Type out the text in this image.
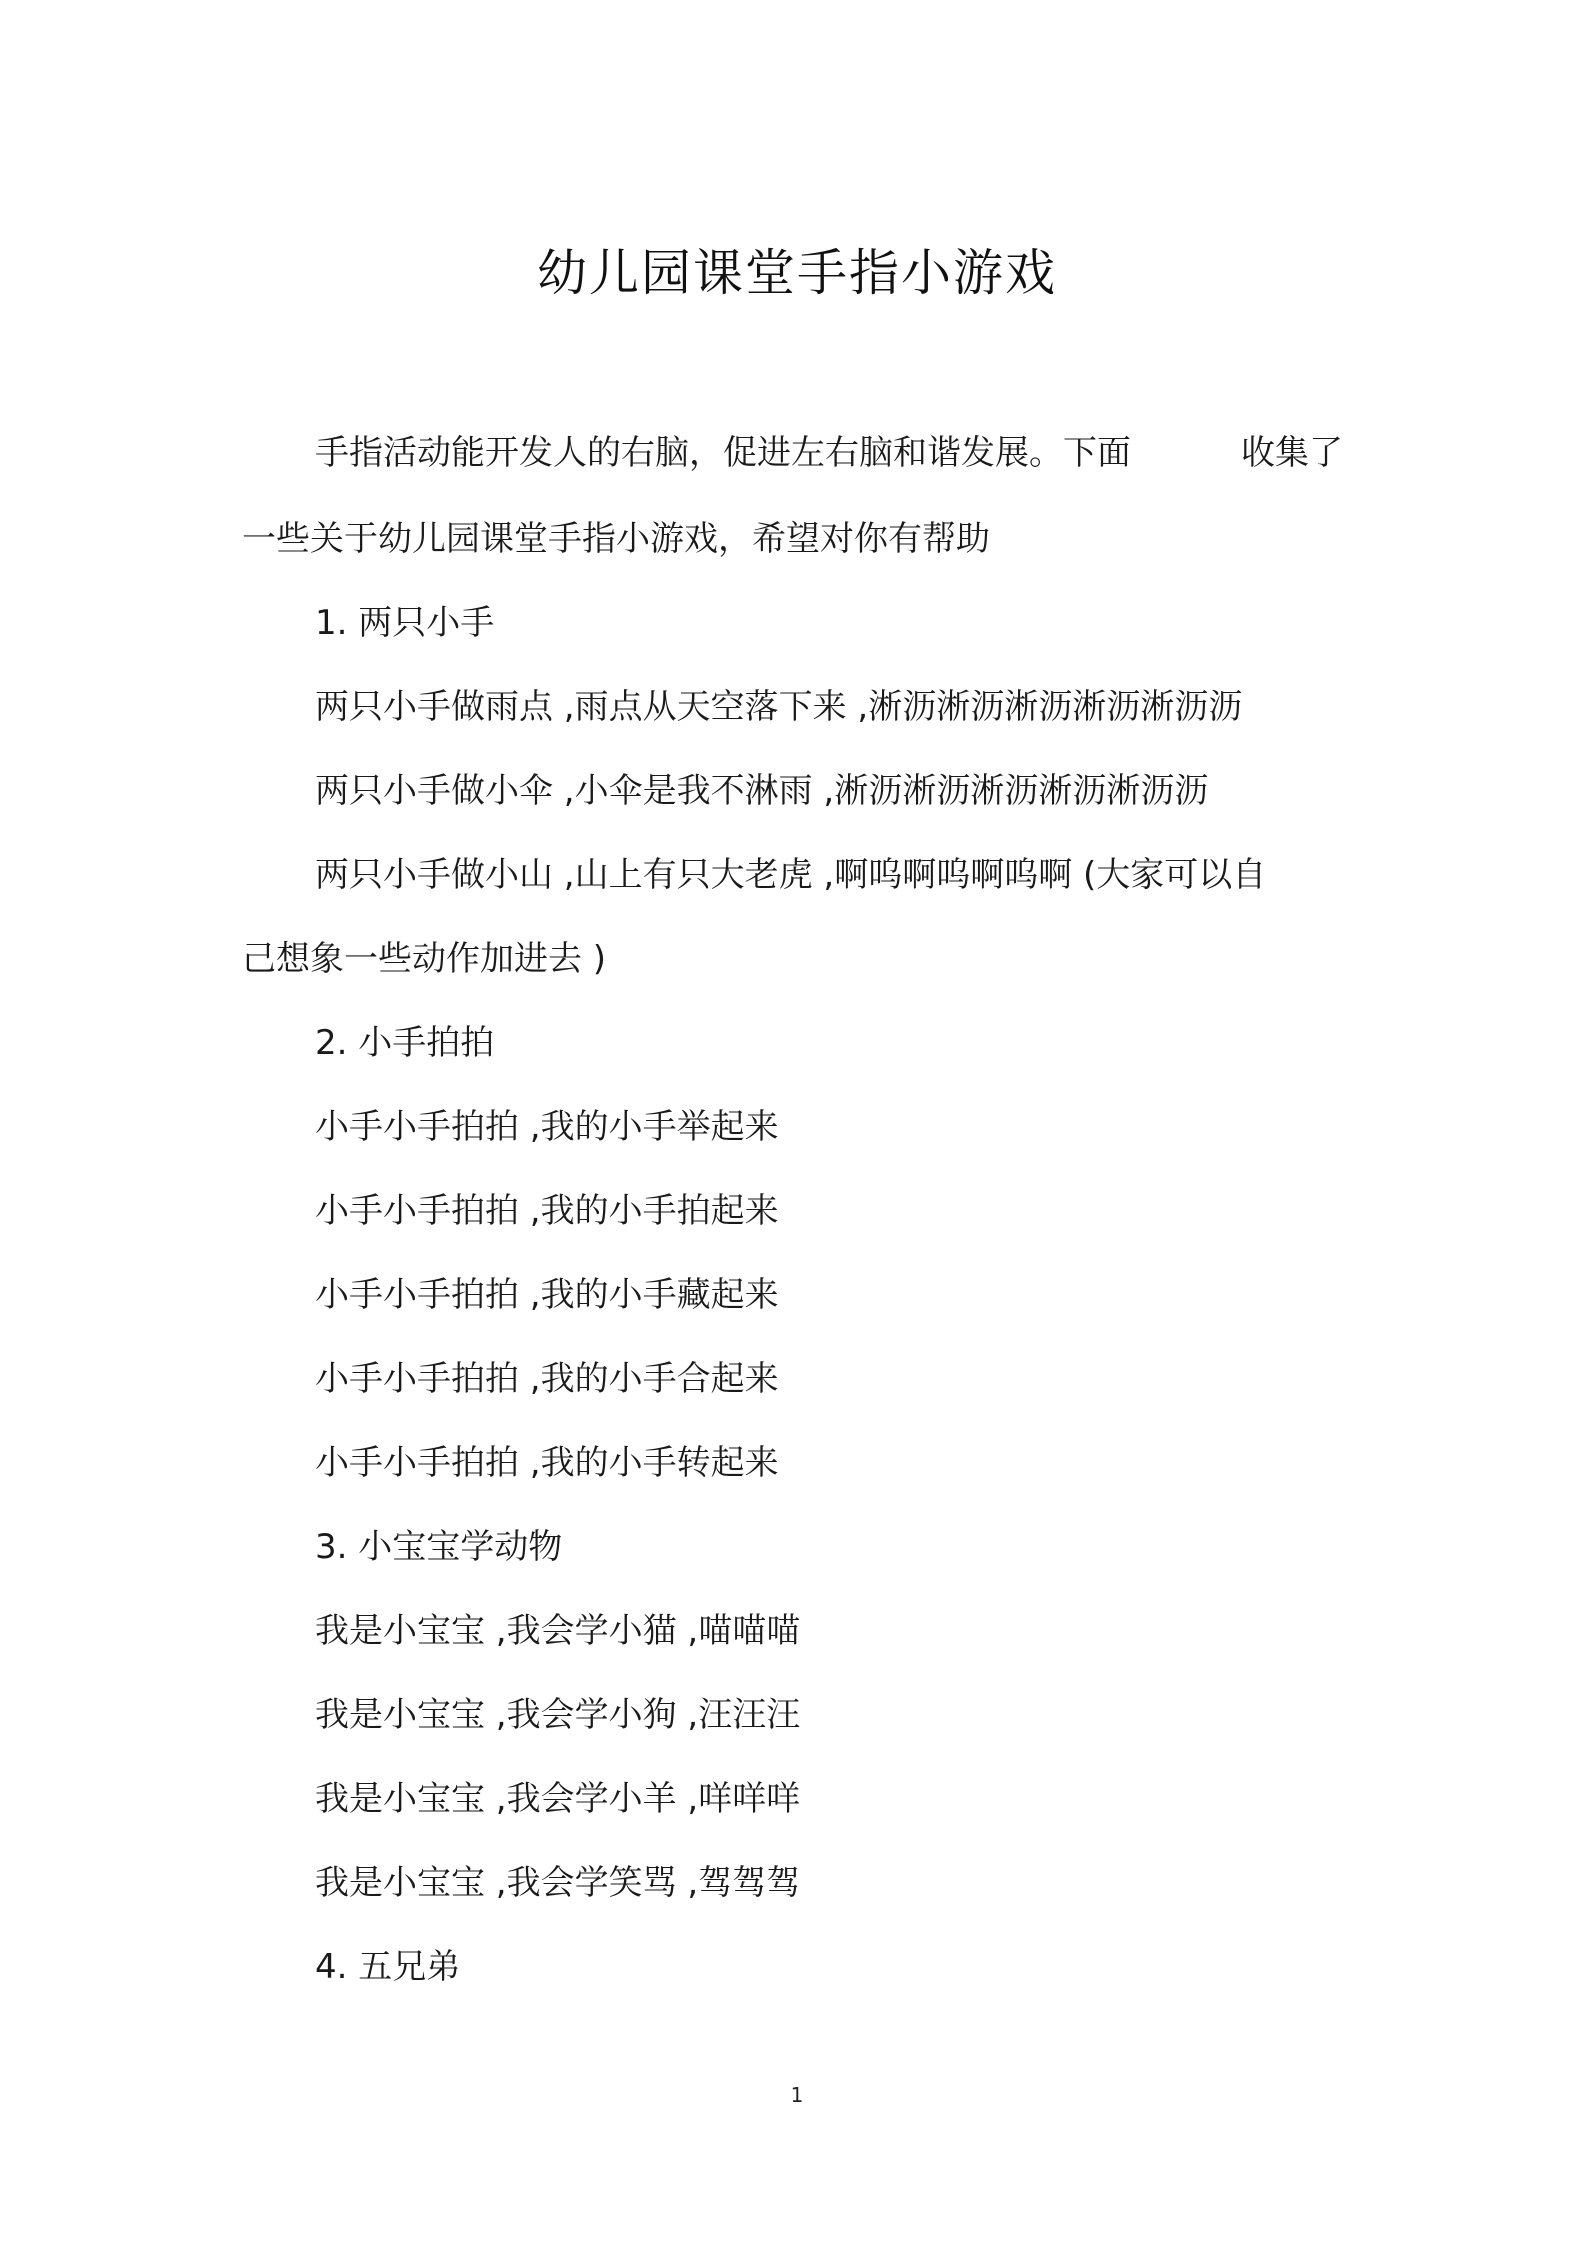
幼儿园课堂手指小游戏
手指活动能开发人的右脑，促进左右脑和谐发展。下面	收集了
一些关于幼儿园课堂手指小游戏，希望对你有帮助
1. 两只小手
两只小手做雨点 ,雨点从天空落下来 ,淅沥淅沥淅沥淅沥淅沥沥
两只小手做小伞 ,小伞是我不淋雨 ,淅沥淅沥淅沥淅沥淅沥沥
两只小手做小山 ,山上有只大老虎 ,啊呜啊呜啊呜啊 (大家可以自
己想象一些动作加进去 )
2. 小手拍拍
小手小手拍拍 ,我的小手举起来
小手小手拍拍 ,我的小手拍起来
小手小手拍拍 ,我的小手藏起来
小手小手拍拍 ,我的小手合起来
小手小手拍拍 ,我的小手转起来
3. 小宝宝学动物
我是小宝宝 ,我会学小猫 ,喵喵喵
我是小宝宝 ,我会学小狗 ,汪汪汪
我是小宝宝 ,我会学小羊 ,咩咩咩
我是小宝宝 ,我会学笑骂 ,驾驾驾
4. 五兄弟
1
